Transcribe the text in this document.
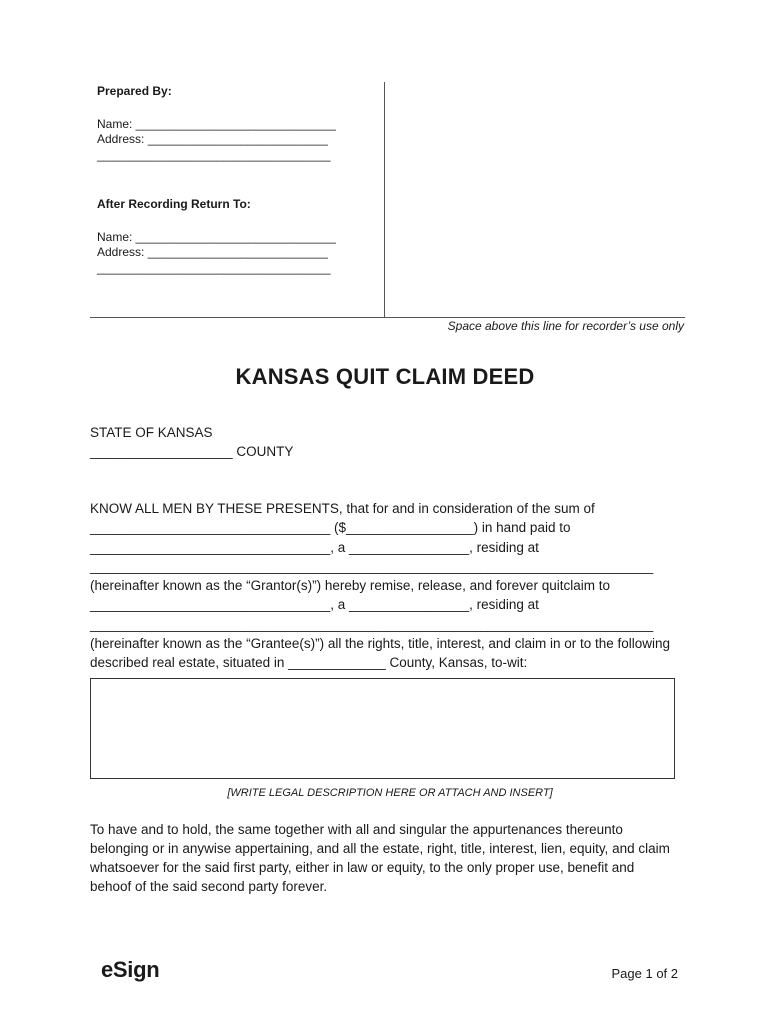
Prepared By:
Name: ______________________________
Address: ___________________________
___________________________________
After Recording Return To:
Name: ______________________________
Address: ___________________________
___________________________________
Space above this line for recorder’s use only
KANSAS QUIT CLAIM DEED
STATE OF KANSAS
___________________ COUNTY
KNOW ALL MEN BY THESE PRESENTS, that for and in consideration of the sum of
________________________________ ($_________________) in hand paid to
________________________________, a ________________, residing at
___________________________________________________________________________
(hereinafter known as the “Grantor(s)”) hereby remise, release, and forever quitclaim to
________________________________, a ________________, residing at
___________________________________________________________________________
(hereinafter known as the “Grantee(s)”) all the rights, title, interest, and claim in or to the following
described real estate, situated in _____________ County, Kansas, to-wit:
[WRITE LEGAL DESCRIPTION HERE OR ATTACH AND INSERT]
To have and to hold, the same together with all and singular the appurtenances thereunto
belonging or in anywise appertaining, and all the estate, right, title, interest, lien, equity, and claim
whatsoever for the said first party, either in law or equity, to the only proper use, benefit and
behoof of the said second party forever.
eSign	Page 1 of 2
